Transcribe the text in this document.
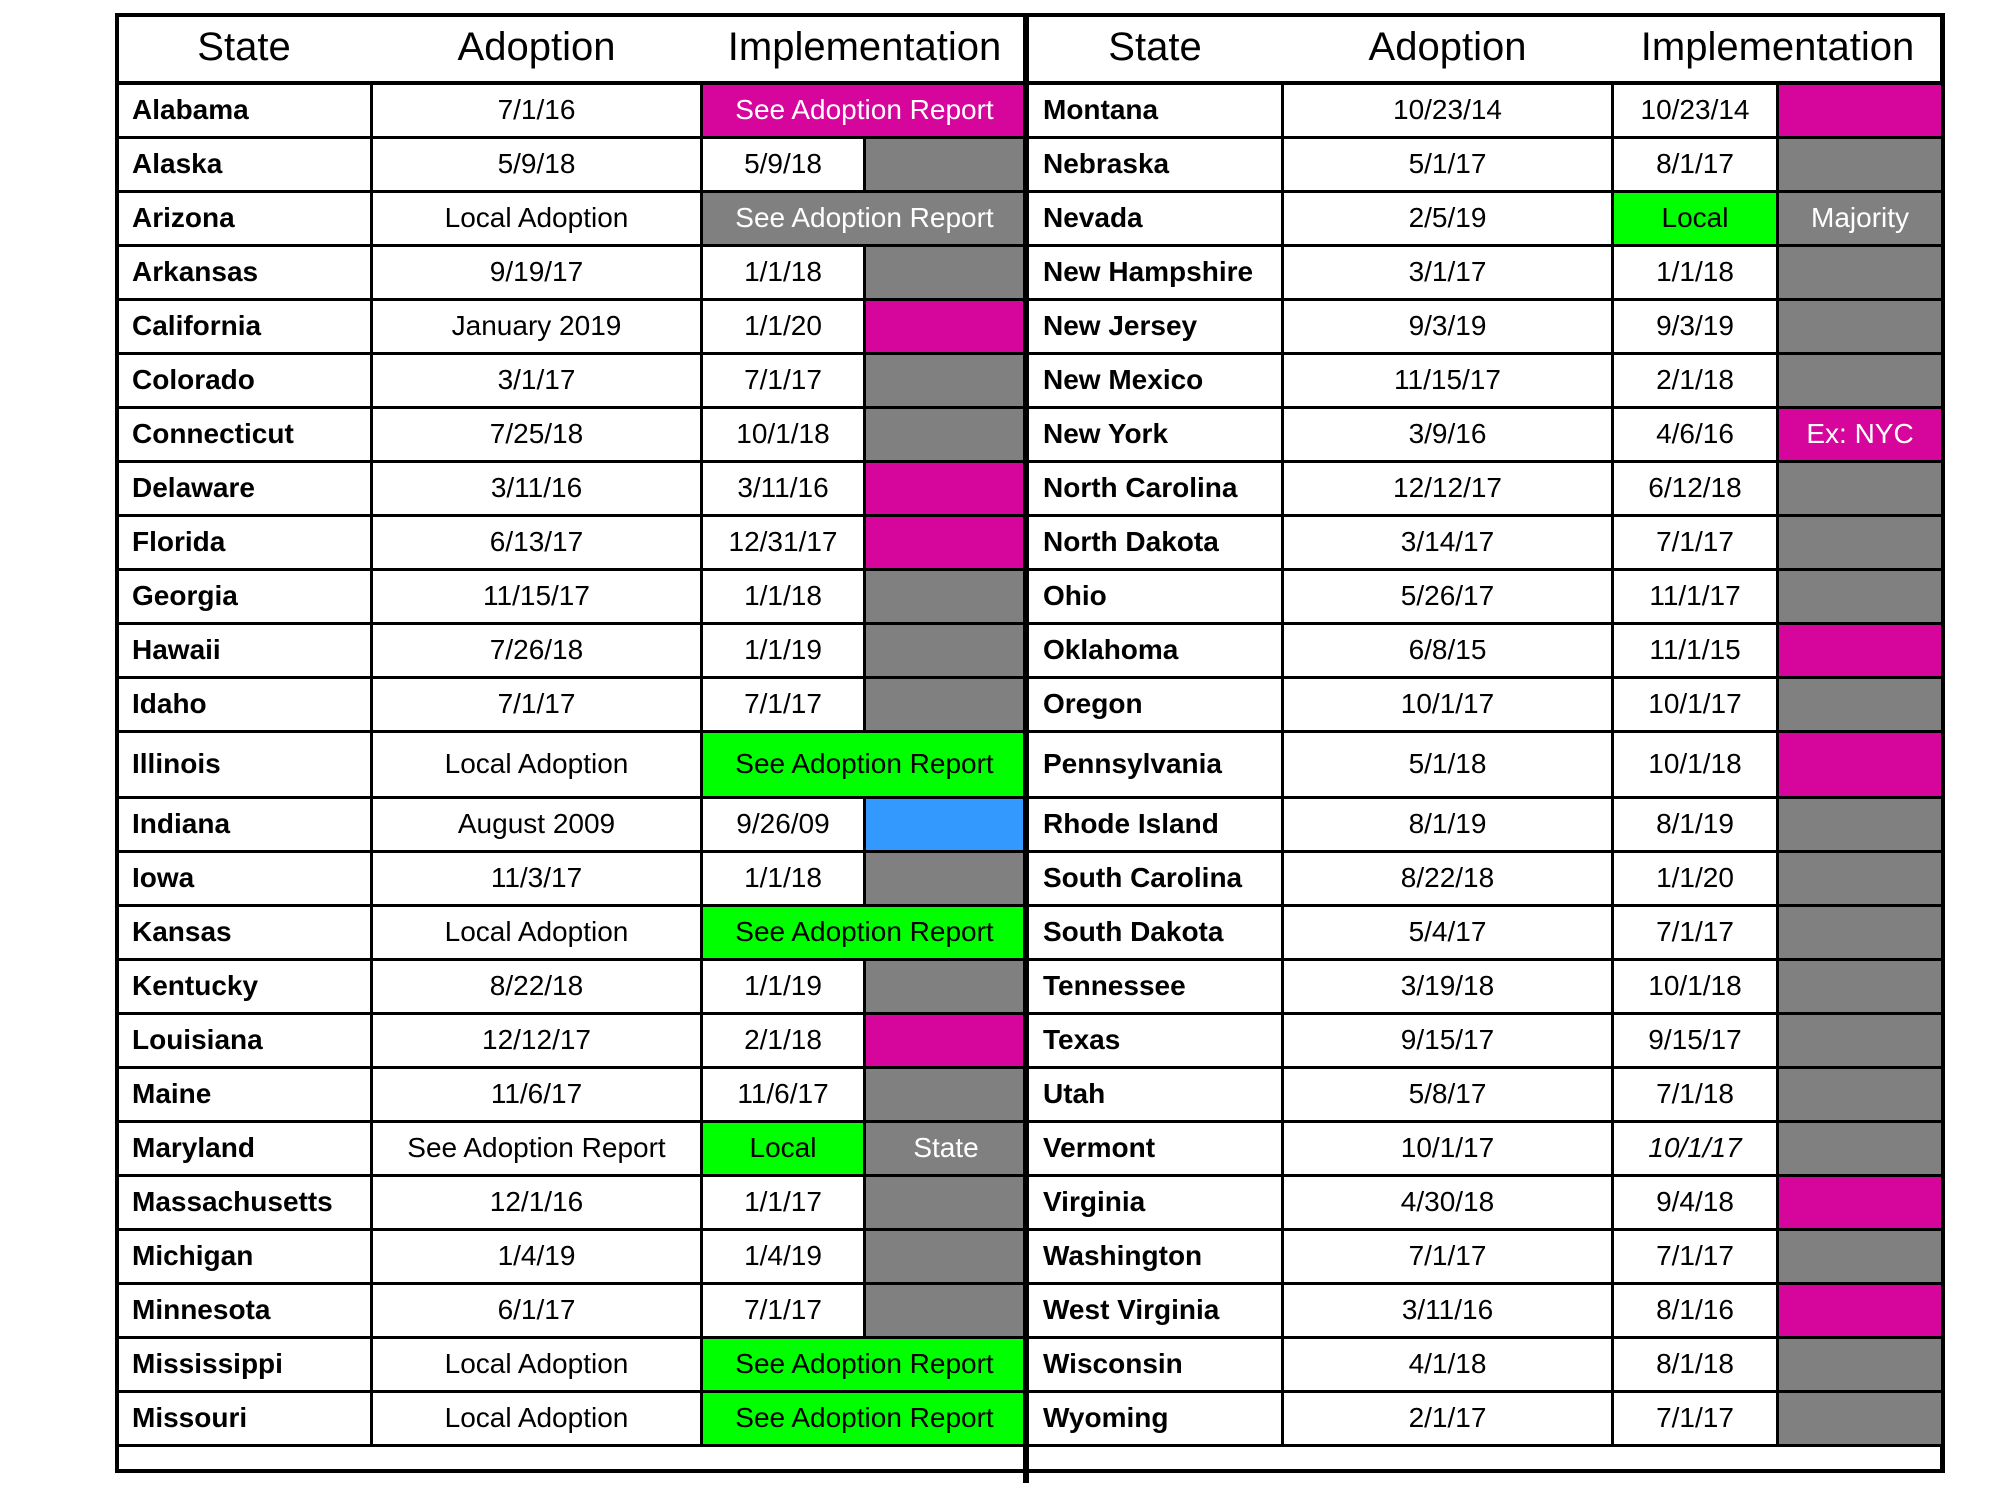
State	Adoption	Implementation	
Alabama	7/1/16	See Adoption Report	
Alaska	5/9/18	5/9/18	
Arizona	Local Adoption	See Adoption Report	
Arkansas	9/19/17	1/1/18	
California	January 2019	1/1/20	
Colorado	3/1/17	7/1/17	
Connecticut	7/25/18	10/1/18	
Delaware	3/11/16	3/11/16	
Florida	6/13/17	12/31/17	
Georgia	11/15/17	1/1/18	
Hawaii	7/26/18	1/1/19	
Idaho	7/1/17	7/1/17	
Illinois	Local Adoption	See Adoption Report	
Indiana	August 2009	9/26/09	
Iowa	11/3/17	1/1/18	
Kansas	Local Adoption	See Adoption Report	
Kentucky	8/22/18	1/1/19	
Louisiana	12/12/17	2/1/18	
Maine	11/6/17	11/6/17	
Maryland	See Adoption Report	Local	State
Massachusetts	12/1/16	1/1/17	
Michigan	1/4/19	1/4/19	
Minnesota	6/1/17	7/1/17	
Mississippi	Local Adoption	See Adoption Report	
Missouri	Local Adoption	See Adoption Report	
State	Adoption	Implementation	
Montana	10/23/14	10/23/14	
Nebraska	5/1/17	8/1/17	
Nevada	2/5/19	Local	Majority
New Hampshire	3/1/17	1/1/18	
New Jersey	9/3/19	9/3/19	
New Mexico	11/15/17	2/1/18	
New York	3/9/16	4/6/16	Ex: NYC
North Carolina	12/12/17	6/12/18	
North Dakota	3/14/17	7/1/17	
Ohio	5/26/17	11/1/17	
Oklahoma	6/8/15	11/1/15	
Oregon	10/1/17	10/1/17	
Pennsylvania	5/1/18	10/1/18	
Rhode Island	8/1/19	8/1/19	
South Carolina	8/22/18	1/1/20	
South Dakota	5/4/17	7/1/17	
Tennessee	3/19/18	10/1/18	
Texas	9/15/17	9/15/17	
Utah	5/8/17	7/1/18	
Vermont	10/1/17	10/1/17	
Virginia	4/30/18	9/4/18	
Washington	7/1/17	7/1/17	
West Virginia	3/11/16	8/1/16	
Wisconsin	4/1/18	8/1/18	
Wyoming	2/1/17	7/1/17	
